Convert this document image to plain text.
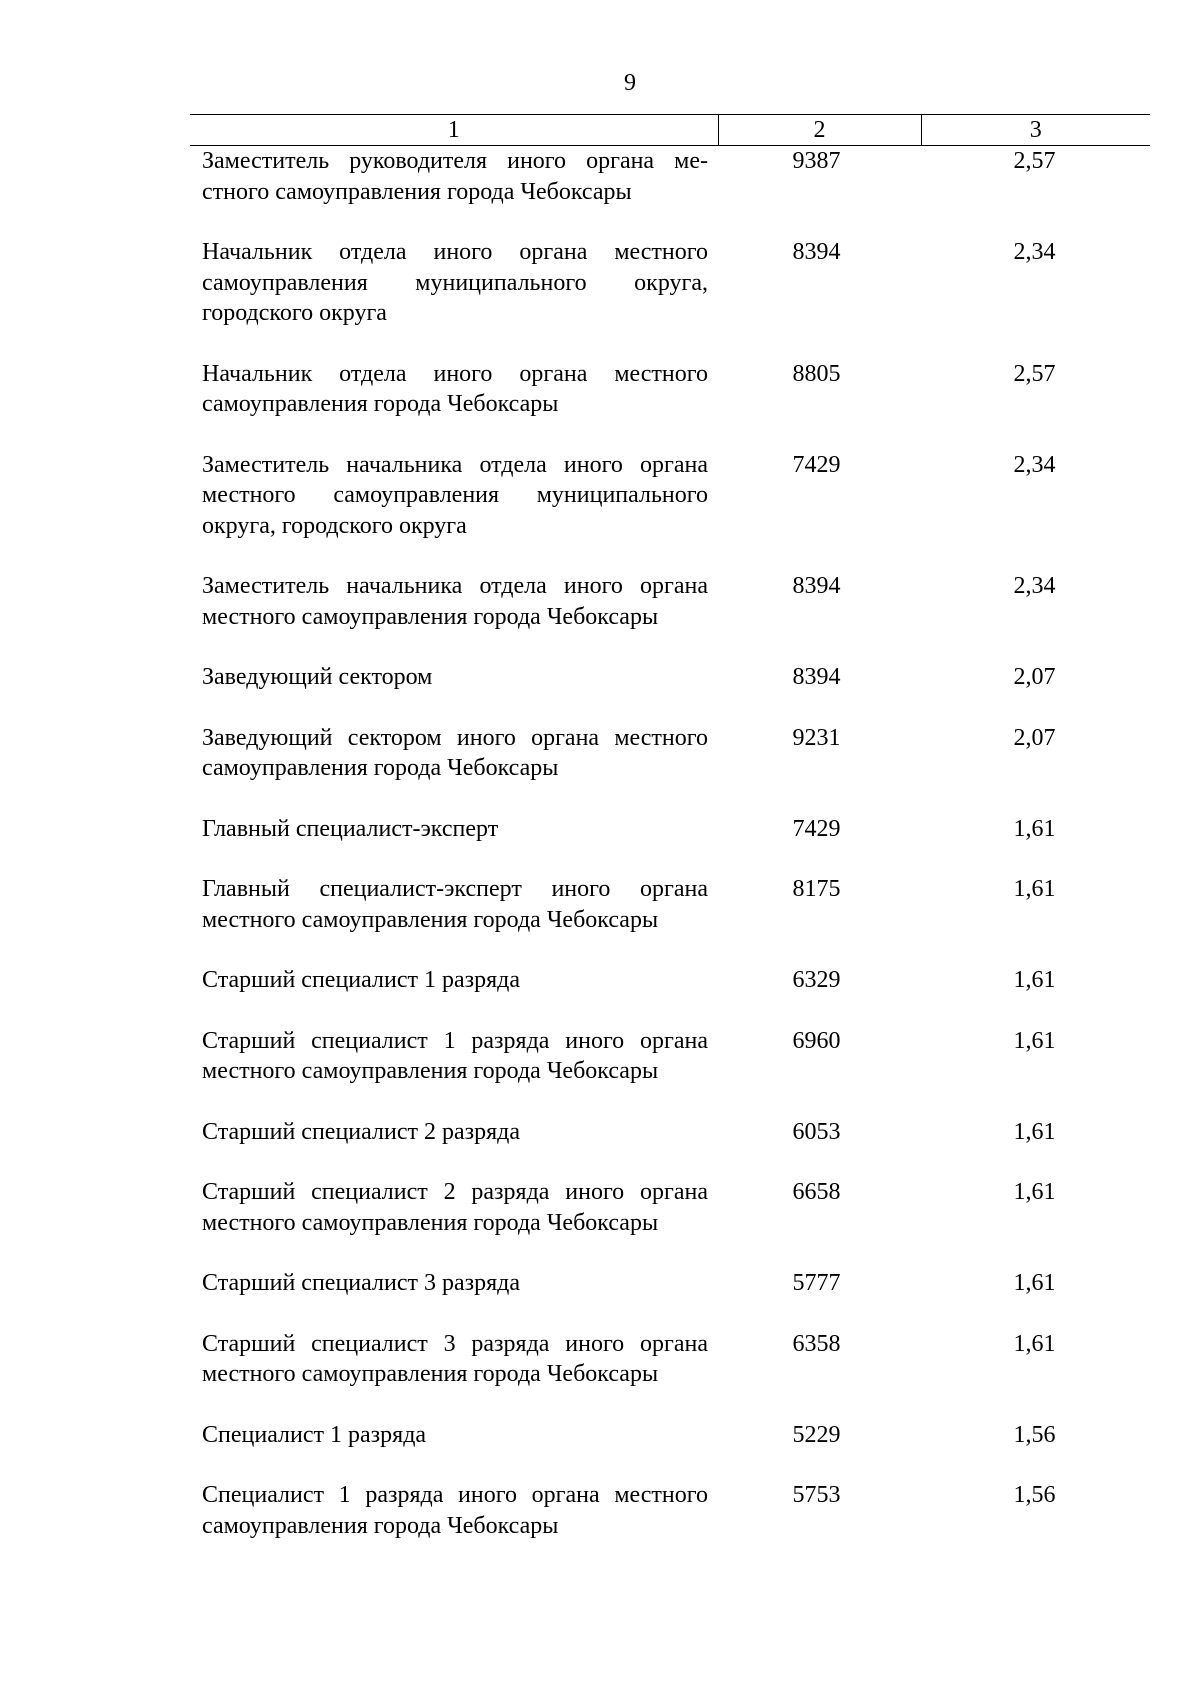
9
1	2	3
Заместитель руководителя иного органа местного самоуправления города Чебоксары	9387	2,57
Начальник отдела иного органа местного самоуправления муниципального округа, городского округа	8394	2,34
Начальник отдела иного органа местного самоуправления города Чебоксары	8805	2,57
Заместитель начальника отдела иного органа местного самоуправления муниципального округа, городского округа	7429	2,34
Заместитель начальника отдела иного органа местного самоуправления города Чебоксары	8394	2,34
Заведующий сектором	8394	2,07
Заведующий сектором иного органа местного самоуправления города Чебоксары	9231	2,07
Главный специалист-эксперт	7429	1,61
Главный специалист-эксперт иного органа местного самоуправления города Чебоксары	8175	1,61
Старший специалист 1 разряда	6329	1,61
Старший специалист 1 разряда иного органа местного самоуправления города Чебоксары	6960	1,61
Старший специалист 2 разряда	6053	1,61
Старший специалист 2 разряда иного органа местного самоуправления города Чебоксары	6658	1,61
Старший специалист 3 разряда	5777	1,61
Старший специалист 3 разряда иного органа местного самоуправления города Чебоксары	6358	1,61
Специалист 1 разряда	5229	1,56
Специалист 1 разряда иного органа местного самоуправления города Чебоксары	5753	1,56
